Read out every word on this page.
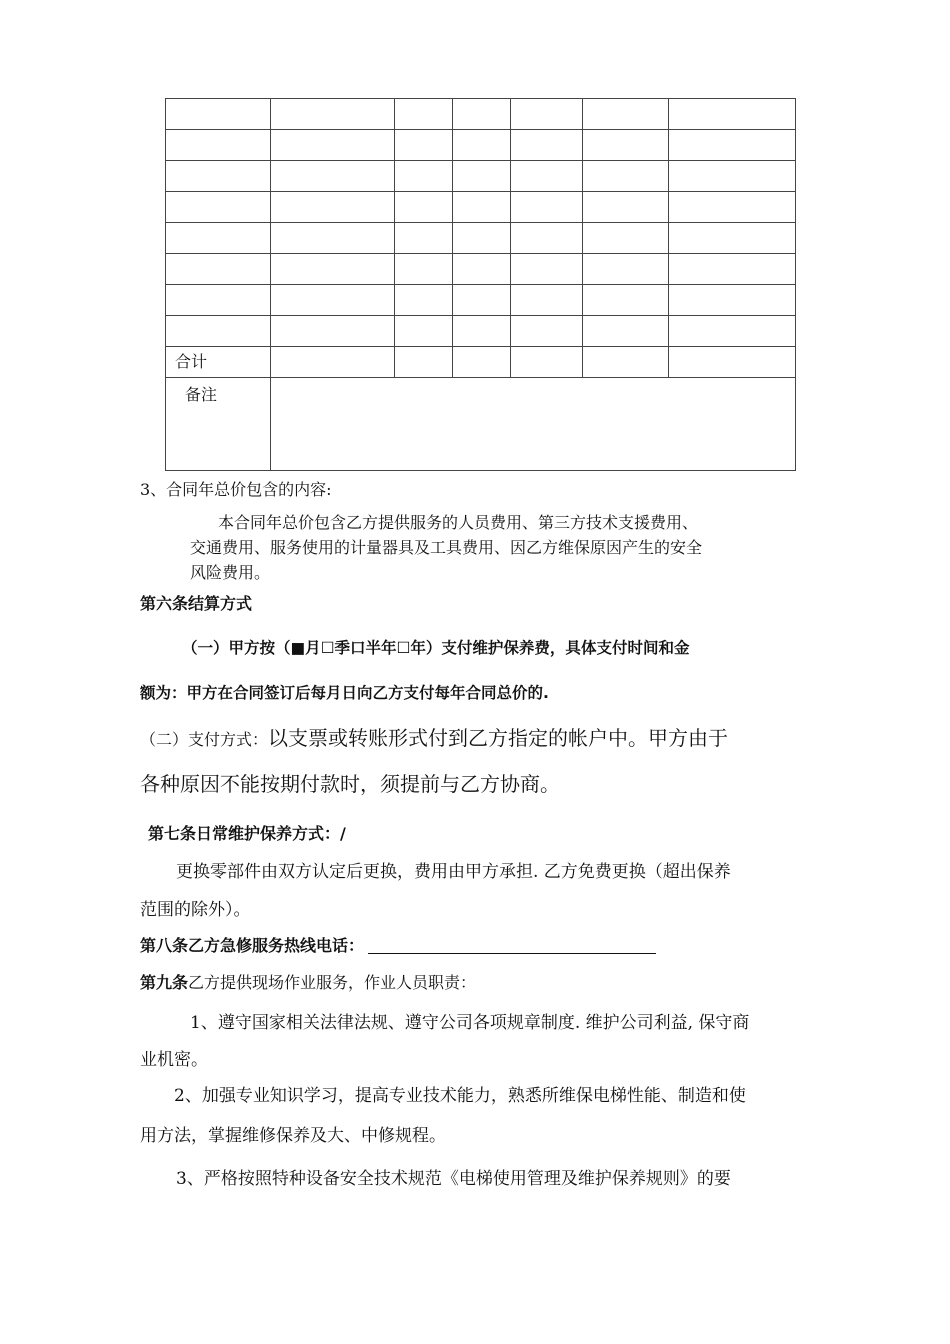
合计						

备注						

3、合同年总价包含的内容:
本合同年总价包含乙方提供服务的人员费用、第三方技术支援费用、
交通费用、服务使用的计量器具及工具费用、因乙方维保原因产生的安全
风险费用。
第六条结算方式
（一）甲方按（■月☐季口半年☐年）支付维护保养费，具体支付时间和金
额为：甲方在合同签订后每月日向乙方支付每年合同总价的.
（二）支付方式：以支票或转账形式付到乙方指定的帐户中。甲方由于
各种原因不能按期付款时，须提前与乙方协商。
第七条日常维护保养方式：/
更换零部件由双方认定后更换，费用由甲方承担. 乙方免费更换（超出保养
范围的除外）。
第八条乙方急修服务热线电话：
第九条乙方提供现场作业服务，作业人员职责：
1、遵守国家相关法律法规、遵守公司各项规章制度. 维护公司利益, 保守商
业机密。
2、加强专业知识学习，提高专业技术能力，熟悉所维保电梯性能、制造和使
用方法，掌握维修保养及大、中修规程。
3、严格按照特种设备安全技术规范《电梯使用管理及维护保养规则》的要
